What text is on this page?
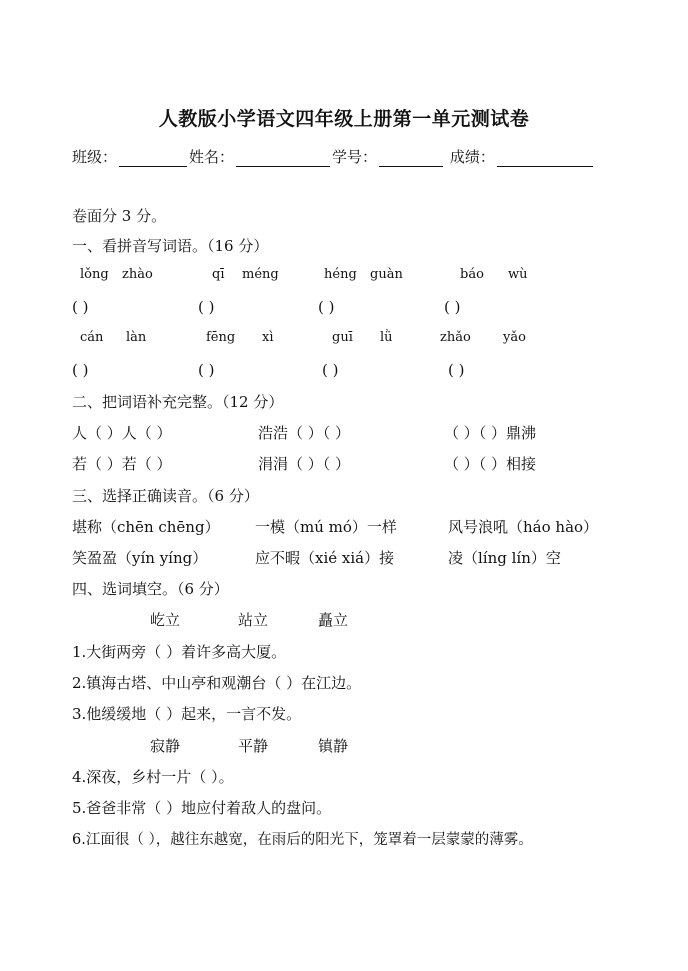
人教版小学语文四年级上册第一单元测试卷
班级：	姓名：	学号：	成绩：
卷面分 3 分。
一、看拼音写词语。（16 分）
lǒng zhào	qī méng	héng guàn	báo wù
( )	( )	( )	( )
cán làn	fēng xì	guī lǜ	zhǎo yǎo
( )	( )	( )	( )
二、把词语补充完整。（12 分）
人（ ）人（ ）	浩浩（ ）（ ）	（ ）（ ）鼎沸
若（ ）若（ ）	涓涓（ ）（ ）	（ ）（ ）相接
三、选择正确读音。（6 分）
堪称（chēn chēng） 一模（mú mó）一样	风号浪吼（háo hào）
笑盈盈（yín yíng）	应不暇（xié xiá）接	凌（líng lín）空
四、选词填空。（6 分）
屹立	站立	矗立
1.大街两旁（ ）着许多高大厦。
2.镇海古塔、中山亭和观潮台（ ）在江边。
3.他缓缓地（ ）起来，一言不发。
寂静	平静	镇静
4.深夜，乡村一片（ ）。
5.爸爸非常（ ）地应付着敌人的盘问。
6.江面很（ ），越往东越宽，在雨后的阳光下，笼罩着一层蒙蒙的薄雾。
